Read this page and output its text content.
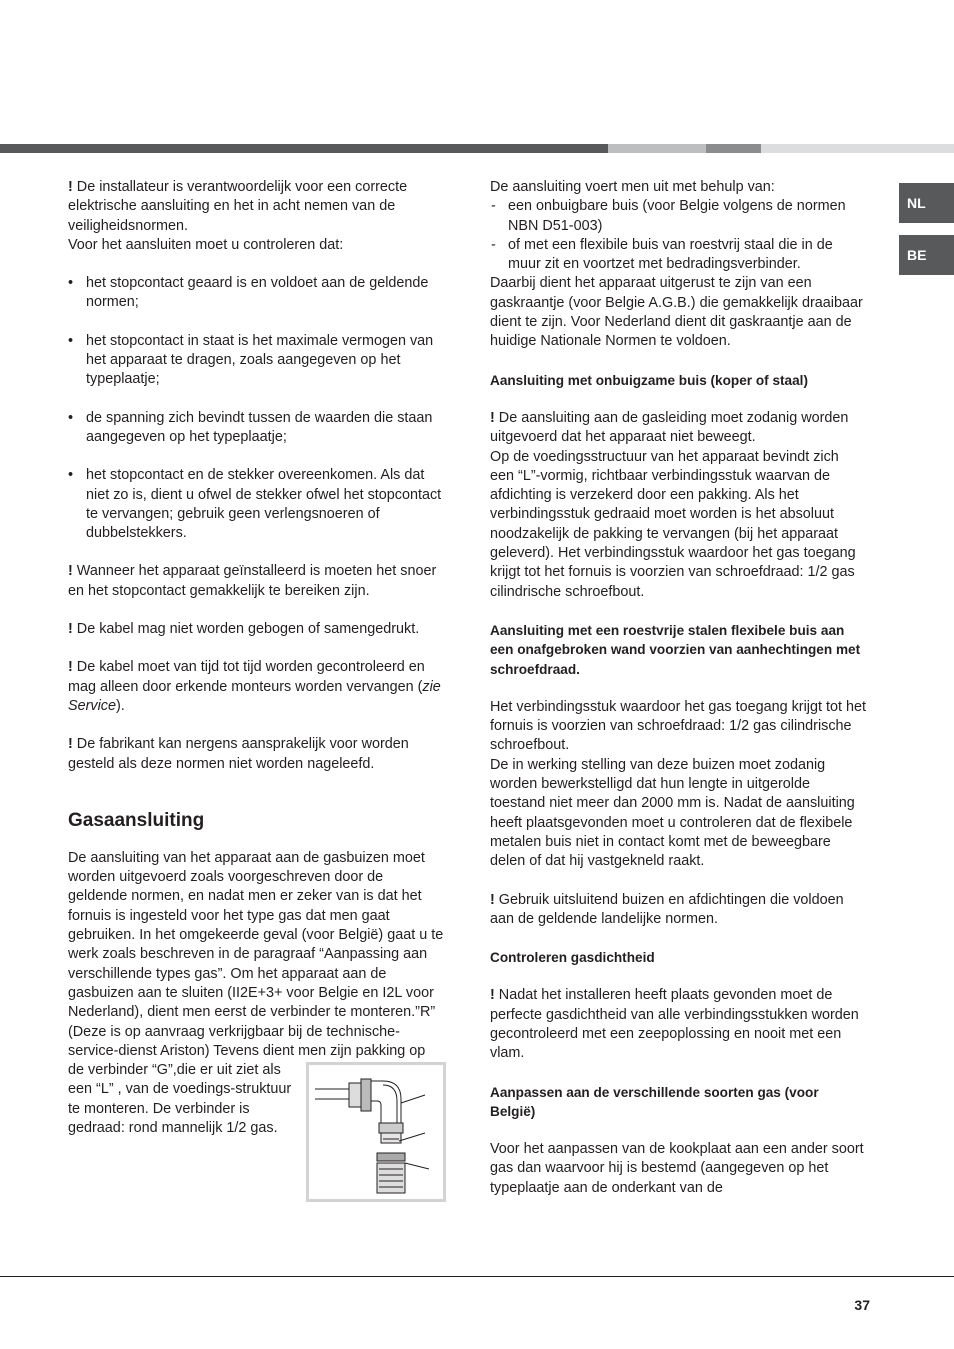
NL
BE

! De installateur is verantwoordelijk voor een correcte elektrische aansluiting en het in acht nemen van de veiligheidsnormen.

Voor het aansluiten moet u controleren dat:

• het stopcontact geaard is en voldoet aan de geldende normen;
• het stopcontact in staat is het maximale vermogen van het apparaat te dragen, zoals aangegeven op het typeplaatje;
• de spanning zich bevindt tussen de waarden die staan aangegeven op het typeplaatje;
• het stopcontact en de stekker overeenkomen. Als dat niet zo is, dient u ofwel de stekker ofwel het stopcontact te vervangen; gebruik geen verlengsnoeren of dubbelstekkers.

! Wanneer het apparaat geïnstalleerd is moeten het snoer en het stopcontact gemakkelijk te bereiken zijn.

! De kabel mag niet worden gebogen of samengedrukt.

! De kabel moet van tijd tot tijd worden gecontroleerd en mag alleen door erkende monteurs worden vervangen (zie Service).

! De fabrikant kan nergens aansprakelijk voor worden gesteld als deze normen niet worden nageleefd.

Gasaansluiting

De aansluiting van het apparaat aan de gasbuizen moet worden uitgevoerd zoals voorgeschreven door de geldende normen, en nadat men er zeker van is dat het fornuis is ingesteld voor het type gas dat men gaat gebruiken. In het omgekeerde geval (voor België) gaat u te werk zoals beschreven in de paragraaf “Aanpassing aan verschillende types gas”. Om het apparaat aan de gasbuizen aan te sluiten (II2E+3+ voor Belgie en I2L voor Nederland), dient men eerst de verbinder te monteren.”R” (Deze is op aanvraag verkrijgbaar bij de technische-service-dienst Ariston) Tevens dient men zijn pakking op de verbinder “
G”,die er uit ziet als een “L” , van de voedings-struktuur te monteren. De verbinder is gedraad: rond mannelijk 1/2 gas.

De aansluiting voert men uit met behulp van:

- een onbuigbare buis (voor Belgie volgens de normen NBN D51-003)
- of met een flexibile buis van roestvrij staal die in de muur zit en voortzet met bedradingsverbinder.

Daarbij dient het apparaat uitgerust te zijn van een gaskraantje (voor Belgie A.G.B.) die gemakkelijk draaibaar dient te zijn. Voor Nederland dient dit gaskraantje aan de huidige Nationale Normen te voldoen.

Aansluiting met onbuigzame buis (koper of staal)

! De aansluiting aan de gasleiding moet zodanig worden uitgevoerd dat het apparaat niet beweegt.

Op de voedingsstructuur van het apparaat bevindt zich een “L”-vormig, richtbaar verbindingsstuk waarvan de afdichting is verzekerd door een pakking. Als het verbindingsstuk gedraaid moet worden is het absoluut noodzakelijk de pakking te vervangen (bij het apparaat geleverd). Het verbindingsstuk waardoor het gas toegang krijgt tot het fornuis is voorzien van schroefdraad: 1/2 gas cilindrische schroefbout.

Aansluiting met een roestvrije stalen flexibele buis aan een onafgebroken wand voorzien van aanhechtingen met schroefdraad.

Het verbindingsstuk waardoor het gas toegang krijgt tot het fornuis is voorzien van schroefdraad: 1/2 gas cilindrische schroefbout.

De in werking stelling van deze buizen moet zodanig worden bewerkstelligd dat hun lengte in uitgerolde toestand niet meer dan 2000 mm is. Nadat de aansluiting heeft plaatsgevonden moet u controleren dat de flexibele metalen buis niet in contact komt met de beweegbare delen of dat hij vastgekneld raakt.

! Gebruik uitsluitend buizen en afdichtingen die voldoen aan de geldende landelijke normen.

Controleren gasdichtheid

! Nadat het installeren heeft plaats gevonden moet de perfecte gasdichtheid van alle verbindingsstukken worden gecontroleerd met een zeepoplossing en nooit met een vlam.

Aanpassen aan de verschillende soorten gas (voor België)

Voor het aanpassen van de kookplaat aan een ander soort gas dan waarvoor hij is bestemd (aangegeven op het typeplaatje aan de onderkant van de

37
